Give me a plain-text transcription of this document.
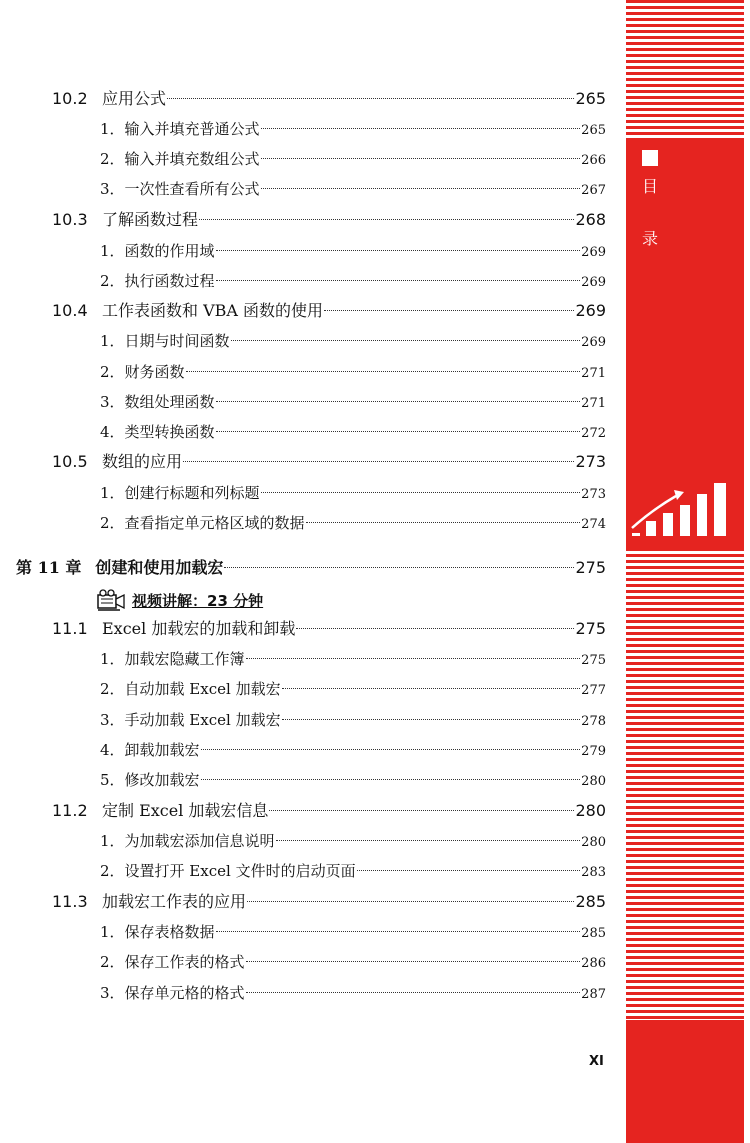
目
录
10.2 应用公式	265
1．输入并填充普通公式	265
2．输入并填充数组公式	266
3．一次性查看所有公式	267
10.3 了解函数过程	268
1．函数的作用域	269
2．执行函数过程	269
10.4 工作表函数和 VBA 函数的使用	269
1．日期与时间函数	269
2．财务函数	271
3．数组处理函数	271
4．类型转换函数	272
10.5 数组的应用	273
1．创建行标题和列标题	273
2．查看指定单元格区域的数据	274
第 11 章 创建和使用加载宏	275
11.1 Excel 加载宏的加载和卸载	275
1．加载宏隐藏工作簿	275
2．自动加载 Excel 加载宏	277
3．手动加载 Excel 加载宏	278
4．卸载加载宏	279
5．修改加载宏	280
11.2 定制 Excel 加载宏信息	280
1．为加载宏添加信息说明	280
2．设置打开 Excel 文件时的启动页面	283
11.3 加载宏工作表的应用	285
1．保存表格数据	285
2．保存工作表的格式	286
3．保存单元格的格式	287
视频讲解：23 分钟
XI
